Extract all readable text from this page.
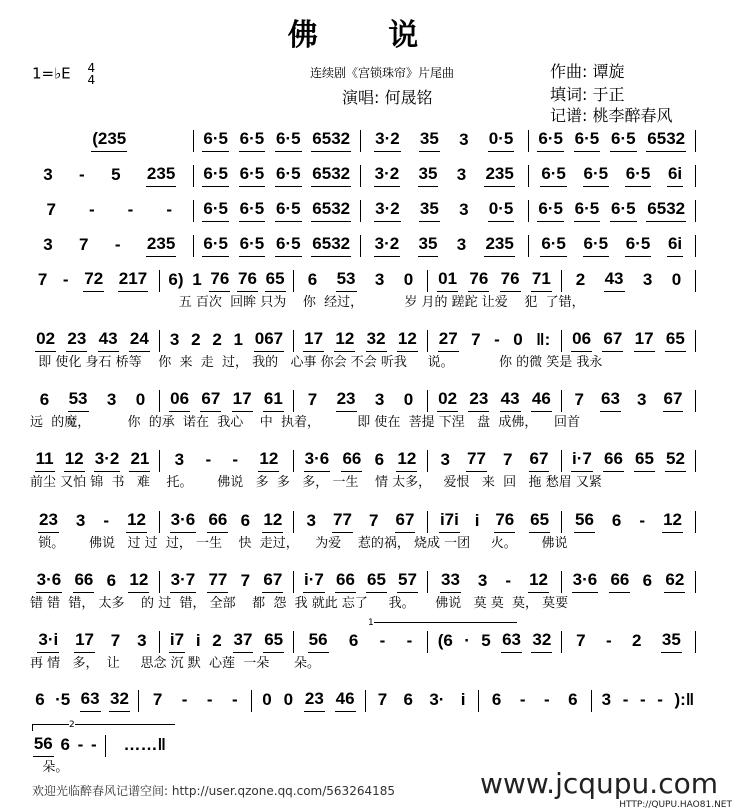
佛 说
1=♭E 4
4	连续剧《宫锁珠帘》片尾曲
演唱: 何晟铭
作曲: 谭旋
填词: 于正
记谱: 桃李醉春风
(235	6·5 6·5 6·5 6532 3·2 35 3 0·5 6·5 6·5 6·5 6532
3 - 5 235 6·5 6·5 6·5 6532 3·2 35 3 235 6·5 6·5 6·5 6i
7 - - - 6·5 6·5 6·5 6532 3·2 35 3 0·5 6·5 6·5 6·5 6532
3 7 - 235 6·5 6·5 6·5 6532 3·2 35 3 235 6·5 6·5 6·5 6i
7 - 72 217 6) 1 76 76 65 6 53 3 0 01 76 76 71 2 43 3 0
五 百次  回眸 只为    你  经过，          岁 月的 蹉跎 让爱    犯  了错，
02 23 43 24 3 2 2 1 067 17 12 32 12 27 7 - 0 ‖: 06 67 17 65
即 使化 身石 桥等    你  来  走  过， 我的   心事 你会 不会 听我     说。           你 的微 笑是 我永
6 53 3 0 06 67 17 61 7 23 3 0 02 23 43 46 7 63 3 67
远  的魔，         你  的承  诺在  我心    中  执着，         即 使在  菩提 下涅   盘  成佛，    回首
11 12 3·2 21 3 - - 12 3·6 66 6 12 3 77 7 67 i·7 66 65 52
前尘 又怕 锦  书   难    托。      佛说   多  多   多， 一生    情 太多，   爱恨   来  回   拖 愁眉 又紧
23 3 - 12 3·6 66 6 12 3 77 7 67 i7i i 76 65 56 6 - 12
锁。      佛说   过 过  过， 一生    快  走过，    为爱    惹的祸， 烧成 一团     火。      佛说
3·6 66 6 12 3·7 77 7 67 i·7 66 65 57 33 3 - 12 3·6 66 6 62
错 错  错， 太多    的 过  错， 全部    都  怨  我 就此 忘了     我。     佛说   莫 莫  莫， 莫要
3·i 17 7 3 i7 i 2 37 65 56 6 - - (6 · 5 63 32 7 - 2 35
再 情   多，  让     思念 沉 默  心莲  一朵      朵。
6 ·5 63 32 7 - - - 0 0 23 46 7 6 3· i 6 - - 6 3 - - - ):‖
56 6 - - ……‖
朵。
1
2
欢迎光临醉春风记谱空间: http://user.qzone.qq.com/563264185	www.jcqupu.com
HTTP://QUPU.HAO81.NET
